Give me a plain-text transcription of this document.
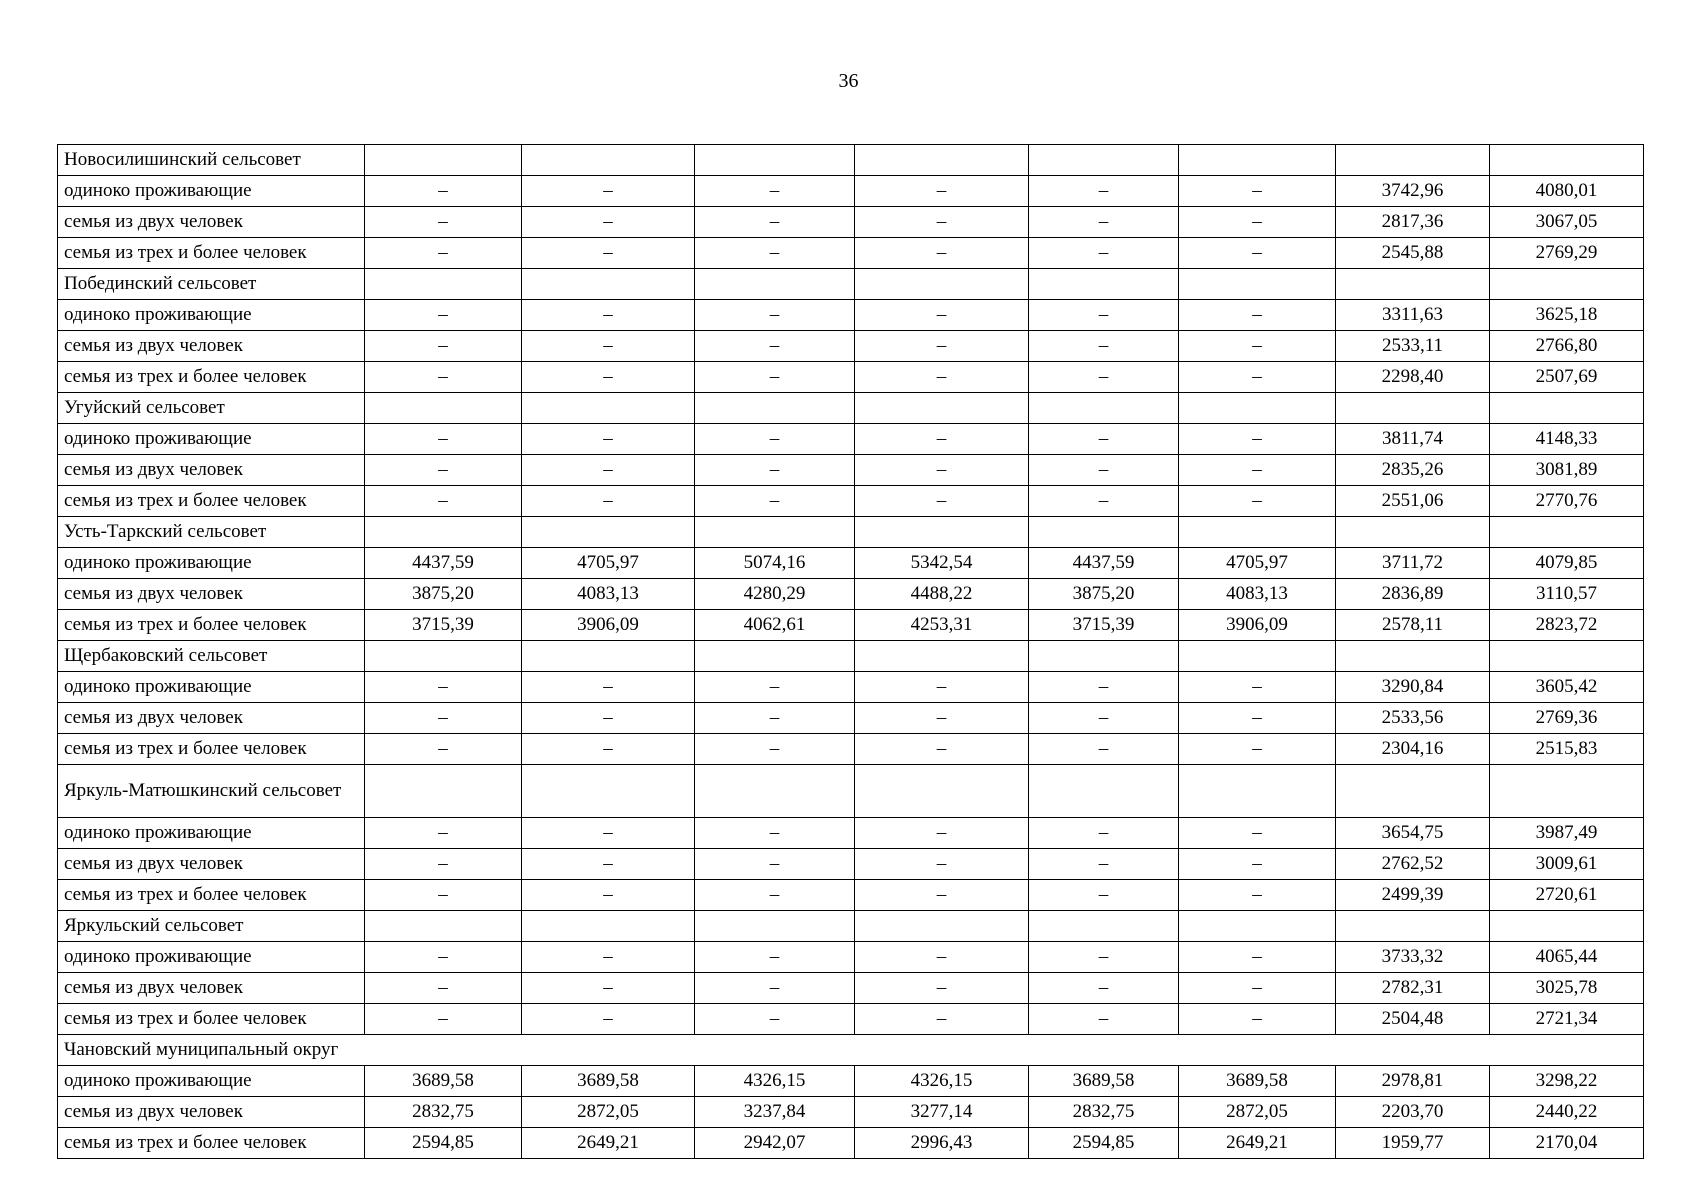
36
Новосилишинский сельсовет								
одиноко проживающие	–	–	–	–	–	–	3742,96	4080,01
семья из двух человек	–	–	–	–	–	–	2817,36	3067,05
семья из трех и более человек	–	–	–	–	–	–	2545,88	2769,29
Побединский сельсовет								
одиноко проживающие	–	–	–	–	–	–	3311,63	3625,18
семья из двух человек	–	–	–	–	–	–	2533,11	2766,80
семья из трех и более человек	–	–	–	–	–	–	2298,40	2507,69
Угуйский сельсовет								
одиноко проживающие	–	–	–	–	–	–	3811,74	4148,33
семья из двух человек	–	–	–	–	–	–	2835,26	3081,89
семья из трех и более человек	–	–	–	–	–	–	2551,06	2770,76
Усть-Таркский сельсовет								
одиноко проживающие	4437,59	4705,97	5074,16	5342,54	4437,59	4705,97	3711,72	4079,85
семья из двух человек	3875,20	4083,13	4280,29	4488,22	3875,20	4083,13	2836,89	3110,57
семья из трех и более человек	3715,39	3906,09	4062,61	4253,31	3715,39	3906,09	2578,11	2823,72
Щербаковский сельсовет								
одиноко проживающие	–	–	–	–	–	–	3290,84	3605,42
семья из двух человек	–	–	–	–	–	–	2533,56	2769,36
семья из трех и более человек	–	–	–	–	–	–	2304,16	2515,83
Яркуль-Матюшкинский сельсовет								
одиноко проживающие	–	–	–	–	–	–	3654,75	3987,49
семья из двух человек	–	–	–	–	–	–	2762,52	3009,61
семья из трех и более человек	–	–	–	–	–	–	2499,39	2720,61
Яркульский сельсовет								
одиноко проживающие	–	–	–	–	–	–	3733,32	4065,44
семья из двух человек	–	–	–	–	–	–	2782,31	3025,78
семья из трех и более человек	–	–	–	–	–	–	2504,48	2721,34
Чановский муниципальный округ								
одиноко проживающие	3689,58	3689,58	4326,15	4326,15	3689,58	3689,58	2978,81	3298,22
семья из двух человек	2832,75	2872,05	3237,84	3277,14	2832,75	2872,05	2203,70	2440,22
семья из трех и более человек	2594,85	2649,21	2942,07	2996,43	2594,85	2649,21	1959,77	2170,04
